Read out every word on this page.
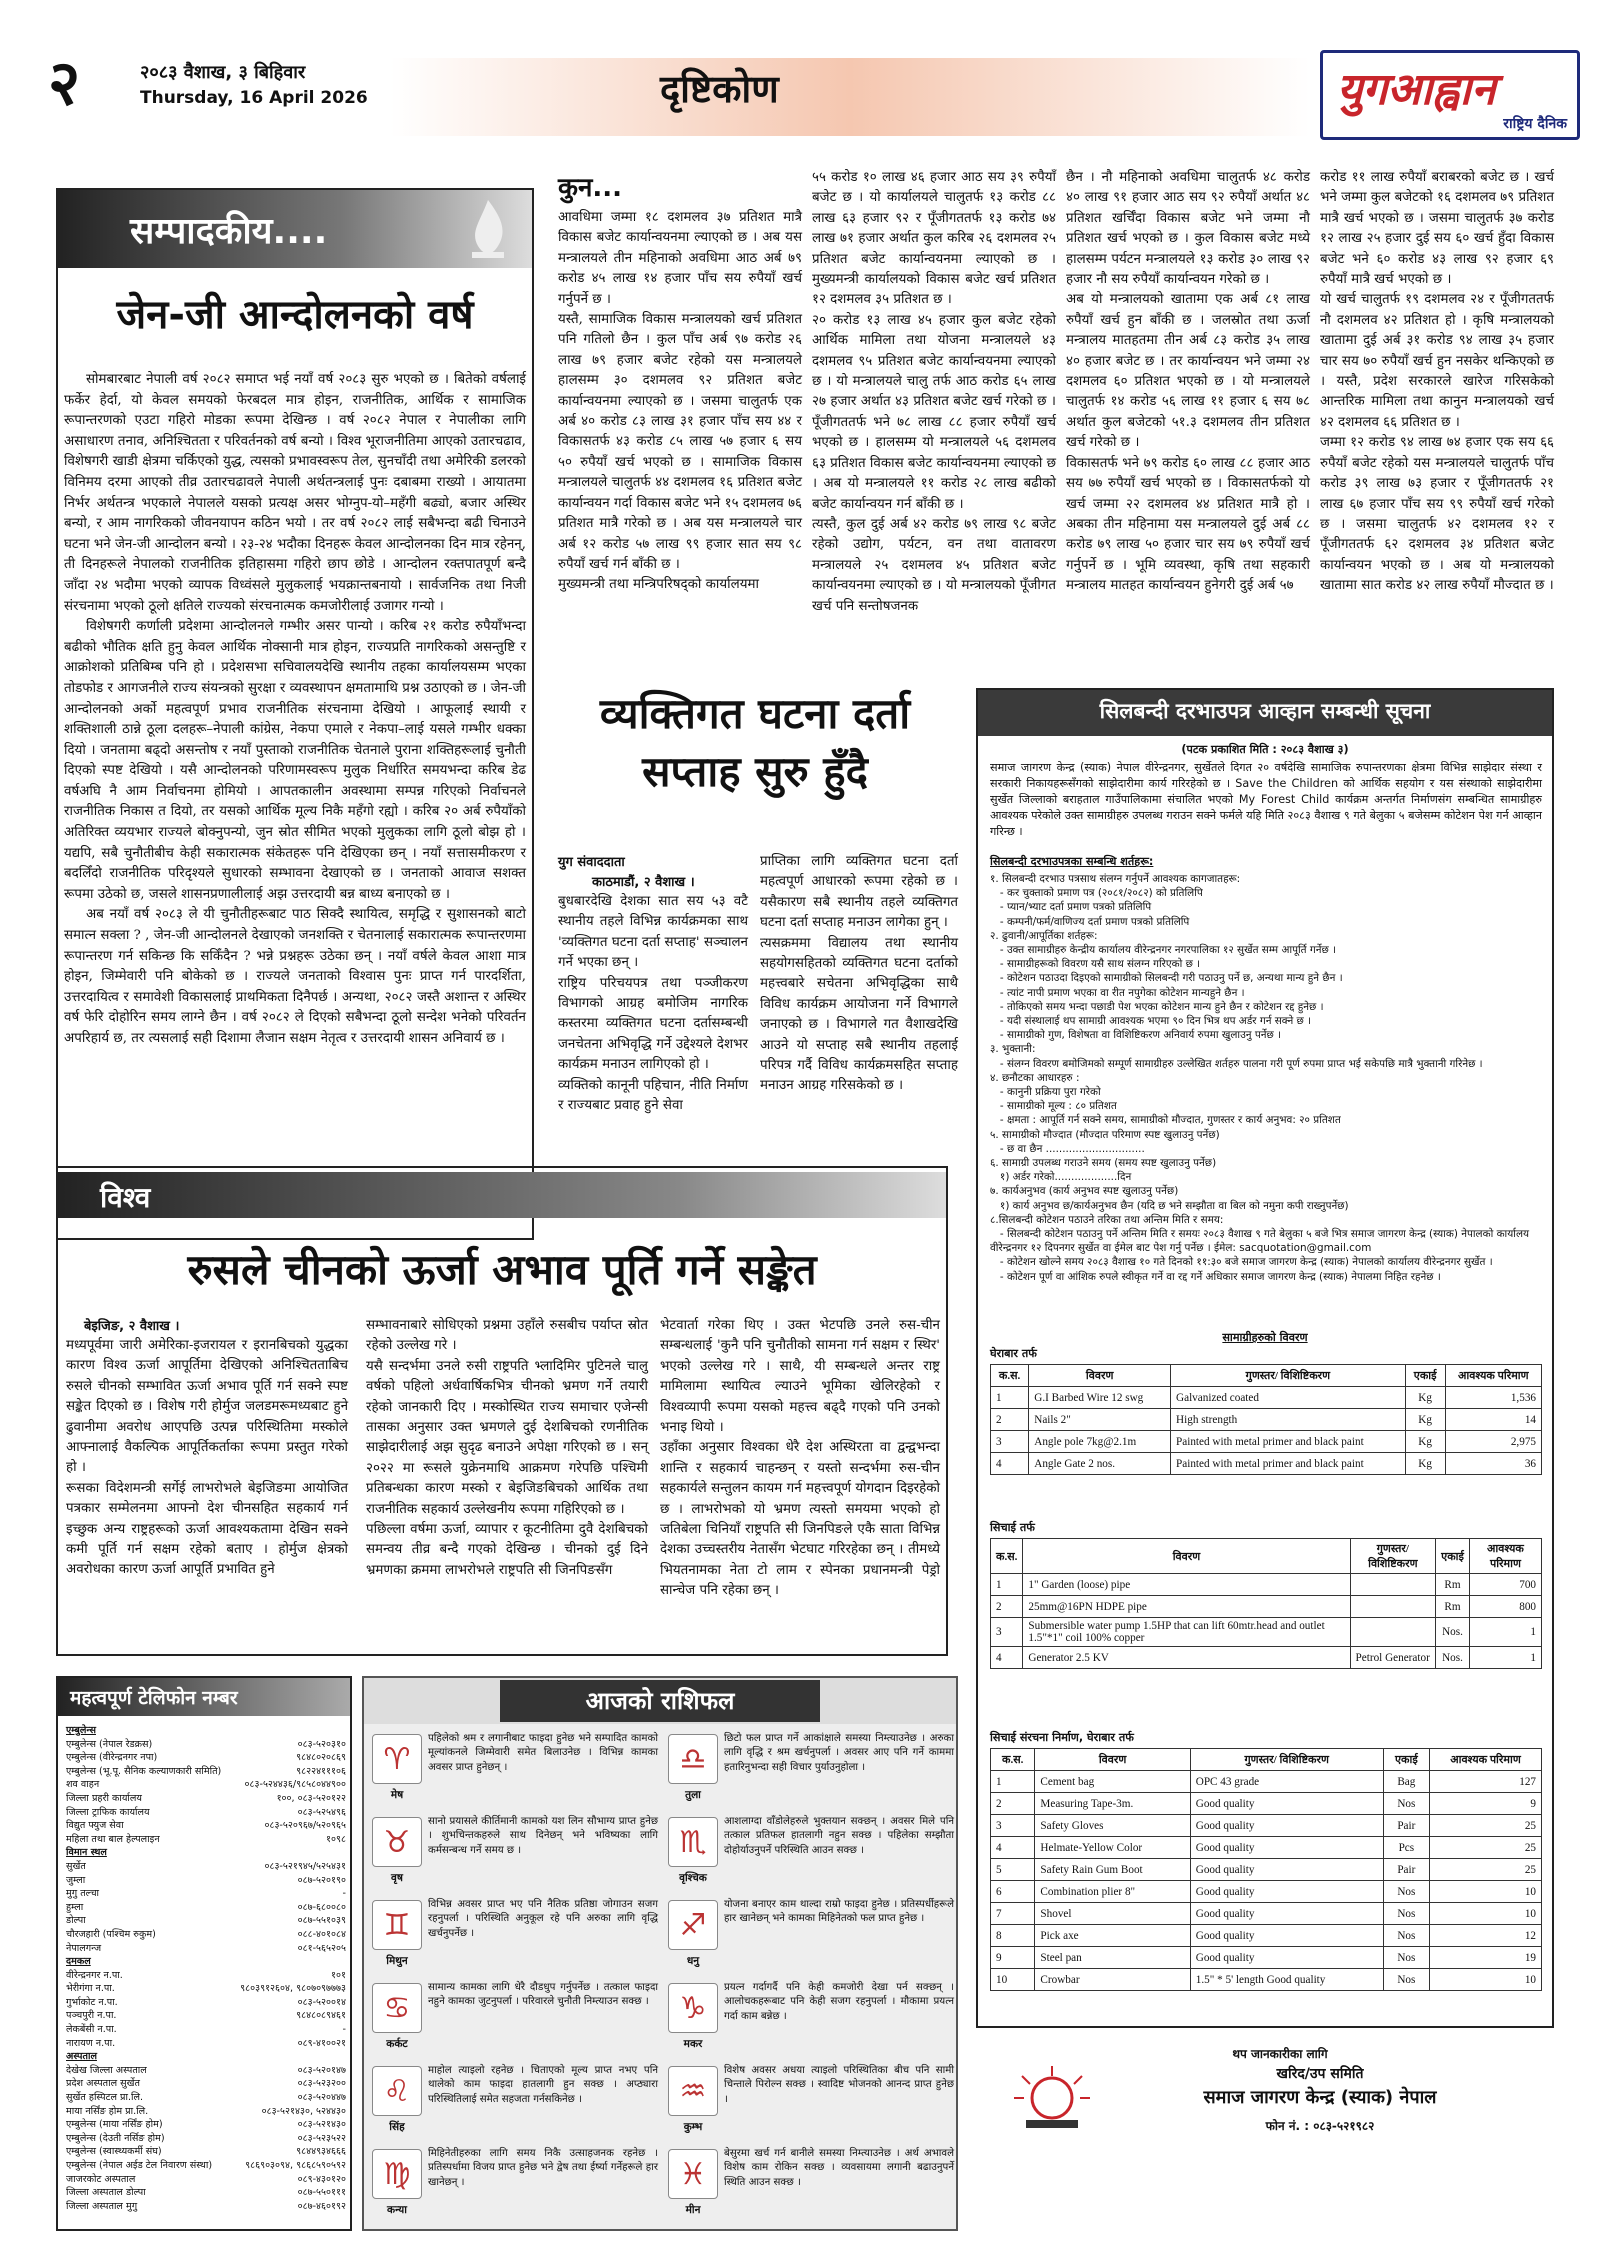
२	२०८३ वैशाख, ३ बिहिवार
Thursday, 16 April 2026	दृष्टिकोण	युगआह्वान
राष्ट्रिय दैनिक
सम्पादकीय....
जेन-जी आन्दोलनको वर्ष

सोमबारबाट नेपाली वर्ष २०८२ समाप्त भई नयाँ वर्ष २०८३ सुरु भएको छ । बितेको वर्षलाई फर्केर हेर्दा, यो केवल समयको फेरबदल मात्र होइन, राजनीतिक, आर्थिक र सामाजिक रूपान्तरणको एउटा गहिरो मोडका रूपमा देखिन्छ । वर्ष २०८२ नेपाल र नेपालीका लागि असाधारण तनाव, अनिश्चितता र परिवर्तनको वर्ष बन्यो । विश्व भूराजनीतिमा आएको उतारचढाव, विशेषगरी खाडी क्षेत्रमा चर्किएको युद्ध, त्यसको प्रभावस्वरूप तेल, सुनचाँदी तथा अमेरिकी डलरको विनिमय दरमा आएको तीव्र उतारचढावले नेपाली अर्थतन्त्रलाई पुनः दबाबमा राख्यो । आयातमा निर्भर अर्थतन्त्र भएकाले नेपालले यसको प्रत्यक्ष असर भोग्नुप-यो–महँगी बढ्यो, बजार अस्थिर बन्यो, र आम नागरिकको जीवनयापन कठिन भयो । तर वर्ष २०८२ लाई सबैभन्दा बढी चिनाउने घटना भने जेन-जी आन्दोलन बन्यो । २३-२४ भदौका दिनहरू केवल आन्दोलनका दिन मात्र रहेनन्, ती दिनहरूले नेपालको राजनीतिक इतिहासमा गहिरो छाप छोडे । आन्दोलन रक्तपातपूर्ण बन्दै जाँदा २४ भदौमा भएको व्यापक विध्वंसले मुलुकलाई भयक्रान्तबनायो । सार्वजनिक तथा निजी संरचनामा भएको ठूलो क्षतिले राज्यको संरचनात्मक कमजोरीलाई उजागर गन्यो ।

विशेषगरी कर्णाली प्रदेशमा आन्दोलनले गम्भीर असर पान्यो । करिब २१ करोड रुपैयाँभन्दा बढीको भौतिक क्षति हुनु केवल आर्थिक नोक्सानी मात्र होइन, राज्यप्रति नागरिकको असन्तुष्टि र आक्रोशको प्रतिबिम्ब पनि हो । प्रदेशसभा सचिवालयदेखि स्थानीय तहका कार्यालयसम्म भएका तोडफोड र आगजनीले राज्य संयन्त्रको सुरक्षा र व्यवस्थापन क्षमतामाथि प्रश्न उठाएको छ । जेन-जी आन्दोलनको अर्को महत्वपूर्ण प्रभाव राजनीतिक संरचनामा देखियो । आफूलाई स्थायी र शक्तिशाली ठान्ने ठूला दलहरू–नेपाली कांग्रेस, नेकपा एमाले र नेकपा–लाई यसले गम्भीर धक्का दियो । जनतामा बढ्दो असन्तोष र नयाँ पुस्ताको राजनीतिक चेतनाले पुराना शक्तिहरूलाई चुनौती दिएको स्पष्ट देखियो । यसै आन्दोलनको परिणामस्वरूप मुलुक निर्धारित समयभन्दा करिब डेढ वर्षअघि नै आम निर्वाचनमा होमियो । आपतकालीन अवस्थामा सम्पन्न गरिएको निर्वाचनले राजनीतिक निकास त दियो, तर यसको आर्थिक मूल्य निकै महँगो रह्यो । करिब २० अर्ब रुपैयाँको अतिरिक्त व्ययभार राज्यले बोक्नुपन्यो, जुन स्रोत सीमित भएको मुलुकका लागि ठूलो बोझ हो । यद्यपि, सबै चुनौतीबीच केही सकारात्मक संकेतहरू पनि देखिएका छन् । नयाँ सत्तासमीकरण र बदलिँदो राजनीतिक परिदृश्यले सुधारको सम्भावना देखाएको छ । जनताको आवाज सशक्त रूपमा उठेको छ, जसले शासनप्रणालीलाई अझ उत्तरदायी बन्न बाध्य बनाएको छ ।

अब नयाँ वर्ष २०८३ ले यी चुनौतीहरूबाट पाठ सिक्दै स्थायित्व, समृद्धि र सुशासनको बाटो समात्न सक्ला ? , जेन-जी आन्दोलनले देखाएको जनशक्ति र चेतनालाई सकारात्मक रूपान्तरणमा रूपान्तरण गर्न सकिन्छ कि सकिँदैन ? भन्ने प्रश्नहरू उठेका छन् । नयाँ वर्षले केवल आशा मात्र होइन, जिम्मेवारी पनि बोकेको छ । राज्यले जनताको विश्वास पुनः प्राप्त गर्न पारदर्शिता, उत्तरदायित्व र समावेशी विकासलाई प्राथमिकता दिनैपर्छ । अन्यथा, २०८२ जस्तै अशान्त र अस्थिर वर्ष फेरि दोहोरिन समय लाग्ने छैन । वर्ष २०८२ ले दिएको सबैभन्दा ठूलो सन्देश भनेको परिवर्तन अपरिहार्य छ, तर त्यसलाई सही दिशामा लैजान सक्षम नेतृत्व र उत्तरदायी शासन अनिवार्य छ ।

कुन...
आवधिमा जम्मा १८ दशमलव ३७ प्रतिशत मात्रै विकास बजेट कार्यान्वयनमा ल्याएको छ । अब यस मन्त्रालयले तीन महिनाको अवधिमा आठ अर्ब ७९ करोड ४५ लाख १४ हजार पाँच सय रुपैयाँ खर्च गर्नुपर्ने छ ।
यस्तै, सामाजिक विकास मन्त्रालयको खर्च प्रतिशत पनि गतिलो छैन । कुल पाँच अर्ब ९७ करोड २६ लाख ७९ हजार बजेट रहेको यस मन्त्रालयले हालसम्म ३० दशमलव ९२ प्रतिशत बजेट कार्यान्वयनमा ल्याएको छ । जसमा चालुतर्फ एक अर्ब ४० करोड ८३ लाख ३१ हजार पाँच सय ४४ र विकासतर्फ ४३ करोड ८५ लाख ५७ हजार ६ सय ५० रुपैयाँ खर्च भएको छ । सामाजिक विकास मन्त्रालयले चालुतर्फ ४४ दशमलव १६ प्रतिशत बजेट कार्यान्वयन गर्दा विकास बजेट भने १५ दशमलव ७६ प्रतिशत मात्रै गरेको छ । अब यस मन्त्रालयले चार अर्ब १२ करोड ५७ लाख ९९ हजार सात सय ९८ रुपैयाँ खर्च गर्न बाँकी छ ।
मुख्यमन्त्री तथा मन्त्रिपरिषद्को कार्यालयमा
५५ करोड १० लाख ४६ हजार आठ सय ३९ रुपैयाँ बजेट छ । यो कार्यालयले चालुतर्फ १३ करोड ८८ लाख ६३ हजार ९२ र पूँजीगततर्फ १३ करोड ७४ लाख ७१ हजार अर्थात कुल करिब २६ दशमलव २५ प्रतिशत बजेट कार्यान्वयनमा ल्याएको छ । मुख्यमन्त्री कार्यालयको विकास बजेट खर्च प्रतिशत १२ दशमलव ३५ प्रतिशत छ ।
२० करोड १३ लाख ४५ हजार कुल बजेट रहेको आर्थिक मामिला तथा योजना मन्त्रालयले ४३ दशमलव ९५ प्रतिशत बजेट कार्यान्वयनमा ल्याएको छ । यो मन्त्रालयले चालु तर्फ आठ करोड ६५ लाख २७ हजार अर्थात ४३ प्रतिशत बजेट खर्च गरेको छ । पूँजीगततर्फ भने ७८ लाख ८८ हजार रुपैयाँ खर्च भएको छ । हालसम्म यो मन्त्रालयले ५६ दशमलव ६३ प्रतिशत विकास बजेट कार्यान्वयनमा ल्याएको छ । अब यो मन्त्रालयले ११ करोड २८ लाख बढीको बजेट कार्यान्वयन गर्न बाँकी छ ।
त्यस्तै, कुल दुई अर्ब ४२ करोड ७९ लाख ९८ बजेट रहेको उद्योग, पर्यटन, वन तथा वातावरण मन्त्रालयले २५ दशमलव ४५ प्रतिशत बजेट कार्यान्वयनमा ल्याएको छ । यो मन्त्रालयको पूँजीगत खर्च पनि सन्तोषजनक
छैन । नौ महिनाको अवधिमा चालुतर्फ ४८ करोड ४० लाख ९१ हजार आठ सय ९२ रुपैयाँ अर्थात ४८ प्रतिशत खर्चिँदा विकास बजेट भने जम्मा नौ प्रतिशत खर्च भएको छ । कुल विकास बजेट मध्ये हालसम्म पर्यटन मन्त्रालयले १३ करोड ३० लाख ९२ हजार नौ सय रुपैयाँ कार्यान्वयन गरेको छ ।
अब यो मन्त्रालयको खातामा एक अर्ब ८१ लाख रुपैयाँ खर्च हुन बाँकी छ । जलस्रोत तथा ऊर्जा मन्त्रालय मातहतमा तीन अर्ब ८३ करोड ३५ लाख ४० हजार बजेट छ । तर कार्यान्वयन भने जम्मा २४ दशमलव ६० प्रतिशत भएको छ । यो मन्त्रालयले चालुतर्फ १४ करोड ५६ लाख ११ हजार ६ सय ७८ अर्थात कुल बजेटको ५१.३ दशमलव तीन प्रतिशत खर्च गरेको छ ।
विकासतर्फ भने ७९ करोड ६० लाख ८८ हजार आठ सय ७७ रुपैयाँ खर्च भएको छ । विकासतर्फको यो खर्च जम्मा २२ दशमलव ४४ प्रतिशत मात्रै हो । अबका तीन महिनामा यस मन्त्रालयले दुई अर्ब ८८ करोड ७९ लाख ५० हजार चार सय ७९ रुपैयाँ खर्च गर्नुपर्ने छ । भूमि व्यवस्था, कृषि तथा सहकारी मन्त्रालय मातहत कार्यान्वयन हुनेगरी दुई अर्ब ५७
करोड ११ लाख रुपैयाँ बराबरको बजेट छ । खर्च भने जम्मा कुल बजेटको १६ दशमलव ७९ प्रतिशत मात्रै खर्च भएको छ । जसमा चालुतर्फ ३७ करोड १२ लाख २५ हजार दुई सय ६० खर्च हुँदा विकास बजेट भने ६० करोड ४३ लाख ९२ हजार ६९ रुपैयाँ मात्रै खर्च भएको छ ।
यो खर्च चालुतर्फ १९ दशमलव २४ र पूँजीगततर्फ नौ दशमलव ४२ प्रतिशत हो । कृषि मन्त्रालयको खातामा दुई अर्ब ३१ करोड ९४ लाख ३५ हजार चार सय ७० रुपैयाँ खर्च हुन नसकेर थन्किएको छ । यस्तै, प्रदेश सरकारले खारेज गरिसकेको आन्तरिक मामिला तथा कानुन मन्त्रालयको खर्च ४२ दशमलव ६६ प्रतिशत छ ।
जम्मा १२ करोड ९४ लाख ७४ हजार एक सय ६६ रुपैयाँ बजेट रहेको यस मन्त्रालयले चालुतर्फ पाँच करोड ३९ लाख ७३ हजार र पूँजीगततर्फ २१ लाख ६७ हजार पाँच सय ९९ रुपैयाँ खर्च गरेको छ । जसमा चालुतर्फ ४२ दशमलव १२ र पूँजीगततर्फ ६२ दशमलव ३४ प्रतिशत बजेट कार्यान्वयन भएको छ । अब यो मन्त्रालयको खातामा सात करोड ४२ लाख रुपैयाँ मौज्दात छ ।
व्यक्तिगत घटना दर्ता सप्ताह सुरु हुँदै
युग संवाददाता
काठमाडौं, २ वैशाख ।
बुधबारदेखि देशका सात सय ५३ वटै स्थानीय तहले विभिन्न कार्यक्रमका साथ 'व्यक्तिगत घटना दर्ता सप्ताह' सञ्चालन गर्ने भएका छन् ।
राष्ट्रिय परिचयपत्र तथा पञ्जीकरण विभागको आग्रह बमोजिम नागरिक कस्तरमा व्यक्तिगत घटना दर्तासम्बन्धी जनचेतना अभिवृद्धि गर्ने उद्देश्यले देशभर कार्यक्रम मनाउन लागिएको हो ।
व्यक्तिको कानूनी पहिचान, नीति निर्माण र राज्यबाट प्रवाह हुने सेवा
प्राप्तिका लागि व्यक्तिगत घटना दर्ता महत्वपूर्ण आधारको रूपमा रहेको छ । यसैकारण सबै स्थानीय तहले व्यक्तिगत घटना दर्ता सप्ताह मनाउन लागेका हुन् ।
त्यसक्रममा विद्यालय तथा स्थानीय सहयोगसहितको व्यक्तिगत घटना दर्ताको महत्त्वबारे सचेतना अभिवृद्धिका साथै विविध कार्यक्रम आयोजना गर्ने विभागले जनाएको छ । विभागले गत वैशाखदेखि आउने यो सप्ताह सबै स्थानीय तहलाई परिपत्र गर्दै विविध कार्यक्रमसहित सप्ताह मनाउन आग्रह गरिसकेको छ ।
सिलबन्दी दरभाउपत्र आव्हान सम्बन्धी सूचना
(पटक प्रकाशित मिति : २०८३ वैशाख ३)
समाज जागरण केन्द्र (स्याक) नेपाल वीरेन्द्रनगर, सुर्खेतले दिगत २० वर्षदेखि सामाजिक रुपान्तरणका क्षेत्रमा विभिन्न साझेदार संस्था र सरकारी निकायहरूसँगको साझेदारीमा कार्य गरिरहेको छ । Save the Children को आर्थिक सहयोग र यस संस्थाको साझेदारीमा सुर्खेत जिल्लाको बराहताल गाउँपालिकामा संचालित भएको My Forest Child कार्यक्रम अन्तर्गत निर्माणसंग सम्बन्धित सामाग्रीहरु आवश्यक परेकोले उक्त सामाग्रीहरु उपलब्ध गराउन सक्ने फर्मले यहि मिति २०८३ वैशाख ९ गते बेलुका ५ बजेसम्म कोटेशन पेश गर्न आव्हान गरिन्छ ।
सिलबन्दी दरभाउपत्रका सम्बन्धि शर्तहरू:
१. सिलबन्दी दरभाउ पत्रसाथ संलग्न गर्नुपर्ने आवश्यक कागजातहरू:
- कर चुक्ताको प्रमाण पत्र (२०८१/२०८२) को प्रतिलिपि
- प्यान/भ्याट दर्ता प्रमाण पत्रको प्रतिलिपि
- कम्पनी/फर्म/वाणिज्य दर्ता प्रमाण पत्रको प्रतिलिपि
२. ढुवानी/आपूर्तिका शर्तहरू:
- उक्त सामाग्रीहरु केन्द्रीय कार्यालय वीरेन्द्रनगर नगरपालिका १२ सुर्खेत सम्म आपूर्ति गर्नेछ ।
- सामाग्रीहरूको विवरण यसै साथ संलग्न गरिएको छ ।
- कोटेशन पठाउदा दिइएको सामाग्रीको सिलबन्दी गरी पठाउनु पर्ने छ, अन्यथा मान्य हुने छैन ।
- त्यांट नापी प्रमाण भएका वा रीत नपुगेका कोटेशन मान्यहुने छैन ।
- तोकिएको समय भन्दा पछाडी पेश भएका कोटेशन मान्य हुने छैन र कोटेशन रद्द हुनेछ ।
- यदी संस्थालाई थप सामाग्री आवश्यक भएमा ९० दिन भित्र थप अर्डर गर्न सक्ने छ ।
- सामाग्रीको गुण, विशेषता वा विशिष्टिकरण अनिवार्य रुपमा खुलाउनु पर्नेछ ।
३. भुक्तानी:
- संलग्न विवरण बमोजिमको सम्पूर्ण सामाग्रीहरु उल्लेखित शर्तहरु पालना गरी पूर्ण रुपमा प्राप्त भई सकेपछि मात्रै भुक्तानी गरिनेछ ।
४. छनौटका आधारहरु :
- कानुनी प्रक्रिया पुरा गरेको
- सामाग्रीको मूल्य : ८० प्रतिशत
- क्षमता : आपूर्ति गर्न सक्ने समय, सामाग्रीको मौज्दात, गुणस्तर र कार्य अनुभव: २० प्रतिशत
५. सामाग्रीको मौज्दात (मौज्दात परिमाण स्पष्ट खुलाउनु पर्नेछ)
- छ वा छैन ..............................
६. सामाग्री उपलब्ध गराउने समय (समय स्पष्ट खुलाउनु पर्नेछ)
१) अर्डर गरेको...................दिन
७. कार्यअनुभव (कार्य अनुभव स्पष्ट खुलाउनु पर्नेछ)
१) कार्य अनुभव छ/कार्यअनुभव छैन (यदि छ भने सम्झौता वा बिल को नमुना कपी राख्नुपर्नेछ)
८.सिलबन्दी कोटेशन पठाउने तरिका तथा अन्तिम मिति र समय:
- सिलबन्दी कोटेशन पठाउनु पर्ने अन्तिम मिति र समयः २०८३ वैशाख ९ गते बेलुका ५ बजे भित्र समाज जागरण केन्द्र (स्याक) नेपालको कार्यालय वीरेन्द्रनगर १२ दिपनगर सुर्खेत वा ईमेल बाट पेश गर्नु पर्नेछ । ईमेल: sacquotation@gmail.com
- कोटेशन खोल्ने समय २०८३ वैशाख १० गते दिनको ११:३० बजे समाज जागरण केन्द्र (स्याक) नेपालको कार्यालय वीरेन्द्रनगर सुर्खेत ।
- कोटेशन पूर्ण वा आंशिक रुपले स्वीकृत गर्ने वा रद्द गर्ने अधिकार समाज जागरण केन्द्र (स्याक) नेपालमा निहित रहनेछ ।
सामाग्रीहरुको विवरण
घेराबार तर्फ
क.स.	विवरण	गुणस्तर/ विशिष्टिकरण	एकाई	आवश्यक परिमाण
1	G.I Barbed Wire 12 swg	Galvanized coated	Kg	1,536
2	Nails 2"	High strength	Kg	14
3	Angle pole 7kg@2.1m	Painted with metal primer and black paint	Kg	2,975
4	Angle Gate 2 nos.	Painted with metal primer and black paint	Kg	36
सिचाई तर्फ
क.स.	विवरण	गुणस्तर/ विशिष्टिकरण	एकाई	आवश्यक परिमाण
1	1" Garden (loose) pipe		Rm	700
2	25mm@16PN HDPE pipe		Rm	800
3	Submersible water pump 1.5HP that can lift 60mtr.head and outlet 1.5"*1" coil 100% copper		Nos.	1
4	Generator 2.5 KV	Petrol Generator	Nos.	1
सिचाई संरचना निर्माण, घेराबार तर्फ
क.स.	विवरण	गुणस्तर/ विशिष्टिकरण	एकाई	आवश्यक परिमाण
1	Cement bag	OPC 43 grade	Bag	127
2	Measuring Tape-3m.	Good quality	Nos	9
3	Safety Gloves	Good quality	Pair	25
4	Helmate-Yellow Color	Good quality	Pcs	25
5	Safety Rain Gum Boot	Good quality	Pair	25
6	Combination plier 8"	Good quality	Nos	10
7	Shovel	Good quality	Nos	10
8	Pick axe	Good quality	Nos	12
9	Steel pan	Good quality	Nos	19
10	Crowbar	1.5" * 5' length Good quality	Nos	10
थप जानकारीका लागि
खरिद/उप समिति
समाज जागरण केन्द्र (स्याक) नेपाल
फोन नं. : ०८३-५२१९८२
विश्व
रुसले चीनको ऊर्जा अभाव पूर्ति गर्ने सङ्केत
बेइजिङ, २ वैशाख ।
मध्यपूर्वमा जारी अमेरिका-इजरायल र इरानबिचको युद्धका कारण विश्व ऊर्जा आपूर्तिमा देखिएको अनिश्चितताबिच रुसले चीनको सम्भावित ऊर्जा अभाव पूर्ति गर्न सक्ने स्पष्ट सङ्केत दिएको छ । विशेष गरी होर्मुज जलडमरूमध्यबाट हुने ढुवानीमा अवरोध आएपछि उत्पन्न परिस्थितिमा मस्कोले आफ्नालाई वैकल्पिक आपूर्तिकर्ताका रूपमा प्रस्तुत गरेको हो ।
रूसका विदेशमन्त्री सर्गेई लाभरोभले बेइजिङमा आयोजित पत्रकार सम्मेलनमा आफ्नो देश चीनसहित सहकार्य गर्न इच्छुक अन्य राष्ट्रहरूको ऊर्जा आवश्यकतामा देखिन सक्ने कमी पूर्ति गर्न सक्षम रहेको बताए । होर्मुज क्षेत्रको अवरोधका कारण ऊर्जा आपूर्ति प्रभावित हुने
सम्भावनाबारे सोधिएको प्रश्नमा उहाँले रुसबीच पर्याप्त स्रोत रहेको उल्लेख गरे ।
यसै सन्दर्भमा उनले रुसी राष्ट्रपति भ्लादिमिर पुटिनले चालु वर्षको पहिलो अर्धवार्षिकभित्र चीनको भ्रमण गर्ने तयारी रहेको जानकारी दिए । मस्कोस्थित राज्य समाचार एजेन्सी तासका अनुसार उक्त भ्रमणले दुई देशबिचको रणनीतिक साझेदारीलाई अझ सुदृढ बनाउने अपेक्षा गरिएको छ । सन् २०२२ मा रूसले युक्रेनमाथि आक्रमण गरेपछि पश्चिमी प्रतिबन्धका कारण मस्को र बेइजिङबिचको आर्थिक तथा राजनीतिक सहकार्य उल्लेखनीय रूपमा गहिरिएको छ ।
पछिल्ला वर्षमा ऊर्जा, व्यापार र कूटनीतिमा दुवै देशबिचको समन्वय तीव्र बन्दै गएको देखिन्छ । चीनको दुई दिने भ्रमणका क्रममा लाभरोभले राष्ट्रपति सी जिनपिङसँग
भेटवार्ता गरेका थिए । उक्त भेटपछि उनले रुस-चीन सम्बन्धलाई 'कुनै पनि चुनौतीको सामना गर्न सक्षम र स्थिर' भएको उल्लेख गरे । साथै, यी सम्बन्धले अन्तर राष्ट्र मामिलामा स्थायित्व ल्याउने भूमिका खेलिरहेको र विश्वव्यापी रूपमा यसको महत्त्व बढ्दै गएको पनि उनको भनाइ थियो ।
उहाँका अनुसार विश्वका धेरै देश अस्थिरता वा द्वन्द्वभन्दा शान्ति र सहकार्य चाहन्छन् र यस्तो सन्दर्भमा रुस-चीन सहकार्यले सन्तुलन कायम गर्न महत्त्वपूर्ण योगदान दिइरहेको छ । लाभरोभको यो भ्रमण त्यस्तो समयमा भएको हो जतिबेला चिनियाँ राष्ट्रपति सी जिनपिङले एकै साता विभिन्न देशका उच्चस्तरीय नेतासँग भेटघाट गरिरहेका छन् । तीमध्ये भियतनामका नेता टो लाम र स्पेनका प्रधानमन्त्री पेड्रो सान्चेज पनि रहेका छन् ।
महत्वपूर्ण टेलिफोन नम्बर
एम्बुलेन्स
एम्बुलेन्स (नेपाल रेडक्रस)	०८३-५२०३१०
एम्बुलेन्स (वीरेन्द्रनगर नपा)	९८४८०२०८६९
एम्बुलेन्स (भू.पू. सैनिक कल्याणकारी समिति)	९८२२४१११०६
शव वाहन	०८३-५२४४३६/९८५८०४४९००
जिल्ला प्रहरी कार्यालय	१००, ०८३-५२०१२२
जिल्ला ट्राफिक कार्यालय	०८३-५२५४९६
विद्युत फ्युज सेवा	०८३-५२०९६७/५२०९६५
महिला तथा बाल हेल्पलाइन	१०९८
विमान स्थल
सुर्खेत	०८३-५२१९४५/५२५४३१
जुम्ला	०८७-५२०१९०
मुगु तल्चा	-
हुम्ला	०८७-६८००८०
डोल्पा	०८७-५५१०३९
चौरजहारी (पश्चिम रुकुम)	०८८-४०१०८४
नेपालगन्ज	०८१-५६५२०५
दमकल
वीरेन्द्रनगर न.पा.	१०१
भेरीगंगा न.पा.	९८०३९१२६०४, ९८०७०९७७७३
गुर्भाकोट न.पा.	०८३-५२००१४
पञ्चपुरी न.पा.	९८४८०८९४६१
लेकबेंसी न.पा.	-
नारायण न.पा.	०८९-४१००२१
अस्पताल
देखेख जिल्ला अस्पताल	०८३-५२०१४७
प्रदेश अस्पताल सुर्खेत	०८३-५२३२००
सुर्खेत हस्पिटल प्रा.लि.	०८३-५२०४४७
माया नर्सिंङ होम प्रा.लि.	०८३-५२१४३०, ५२४४३०
एम्बुलेन्स (माया नर्सिंङ होम)	०८३-५२१४३०
एम्बुलेन्स (देउती नर्सिङ होम)	०८३-५२३५२२
एम्बुलेन्स (स्वास्थ्यकर्मी संघ)	९८४४९३४६६६
एम्बुलेन्स (नेपाल अईड टेल निवारण संस्था)	९८६९०३०९४, ९८६८५९०५९२
जाजरकोट अस्पताल	०८९-४३०१२०
जिल्ला अस्पताल डोल्पा	०८७-५५०१११
जिल्ला अस्पताल मुगु	०८७-४६०१९२
आजको राशिफल
♈
मेष
पहिलेको श्रम र लगानीबाट फाइदा हुनेछ भने सम्पादित कामको मूल्यांकनले जिम्मेवारी समेत बिलाउनेछ । विभिन्न कामका अवसर प्राप्त हुनेछन् ।	♎
तुला
छिटो फल प्राप्त गर्ने आकांक्षाले समस्या निम्त्याउनेछ । अरुका लागि वृद्धि र श्रम खर्चनुपर्ला । अवसर आए पनि गर्ने काममा हतारिनुभन्दा सही विचार पुर्याउनुहोला ।
♉
वृष
सानो प्रयासले कीर्तिमानी कामको यश लिन सौभाग्य प्राप्त हुनेछ । शुभचिन्तकहरुले साथ दिनेछन् भने भविष्यका लागि कर्मसन्बन्ध गर्ने समय छ ।	♏
वृश्चिक
आशलाग्दा वाँडोलेहरुले भुक्तयान सक्छन् । अवसर मिले पनि तत्काल प्रतिफल हातलागी नहुन सक्छ । पहिलेका सम्झौता दोहोर्याउनुपर्ने परिस्थिति आउन सक्छ ।
♊
मिथुन
विभिन्न अवसर प्राप्त भए पनि नैतिक प्रतिष्ठा जोगाउन सजग रहनुपर्ला । परिस्थिति अनुकूल रहे पनि अरुका लागि वृद्धि खर्चनुपर्नेछ ।	♐
धनु
योजना बनाएर काम थाल्दा राम्रो फाइदा हुनेछ । प्रतिस्पर्धीहरूले हार खानेछन् भने कामका मिहिनेतको फल प्राप्त हुनेछ ।
♋
कर्कट
सामान्य कामका लागि धेरै दौडधुप गर्नुपर्नेछ । तत्काल फाइदा नहुने कामका जुटनुपर्ला । परिवारले चुनौती निम्त्याउन सक्छ ।	♑
मकर
प्रयत्न गर्दागर्दै पनि केही कमजोरी देखा पर्न सक्छन् । आलोचकहरूबाट पनि केही सजग रहनुपर्ला । मौकामा प्रयत्न गर्दा काम बन्नेछ ।
♌
सिंह
माहोल त्याइलो रहनेछ । चिताएको मूल्य प्राप्त नभए पनि थालेको काम फाइदा हातलागी हुन सक्छ । अप्ठ्यारा परिस्थितिलाई समेत सहजता गर्नसकिनेछ ।	♒
कुम्भ
विशेष अवसर अधया त्याइलो परिस्थितिका बीच पनि सामी चिन्ताले पिरोल्न सक्छ । स्वादिष्ट भोजनको आनन्द प्राप्त हुनेछ ।
♍
कन्या
मिहिनेतीहरुका लागि समय निकै उत्साहजनक रहनेछ । प्रतिस्पर्धामा विजय प्राप्त हुनेछ भने द्वेष तथा ईर्ष्या गर्नेहरूले हार खानेछन् ।	♓
मीन
बेसुरमा खर्च गर्न बानीले समस्या निम्त्याउनेछ । अर्थ अभावले विशेष काम रोकिन सक्छ । व्यवसायमा लगानी बढाउनुपर्ने स्थिति आउन सक्छ ।
